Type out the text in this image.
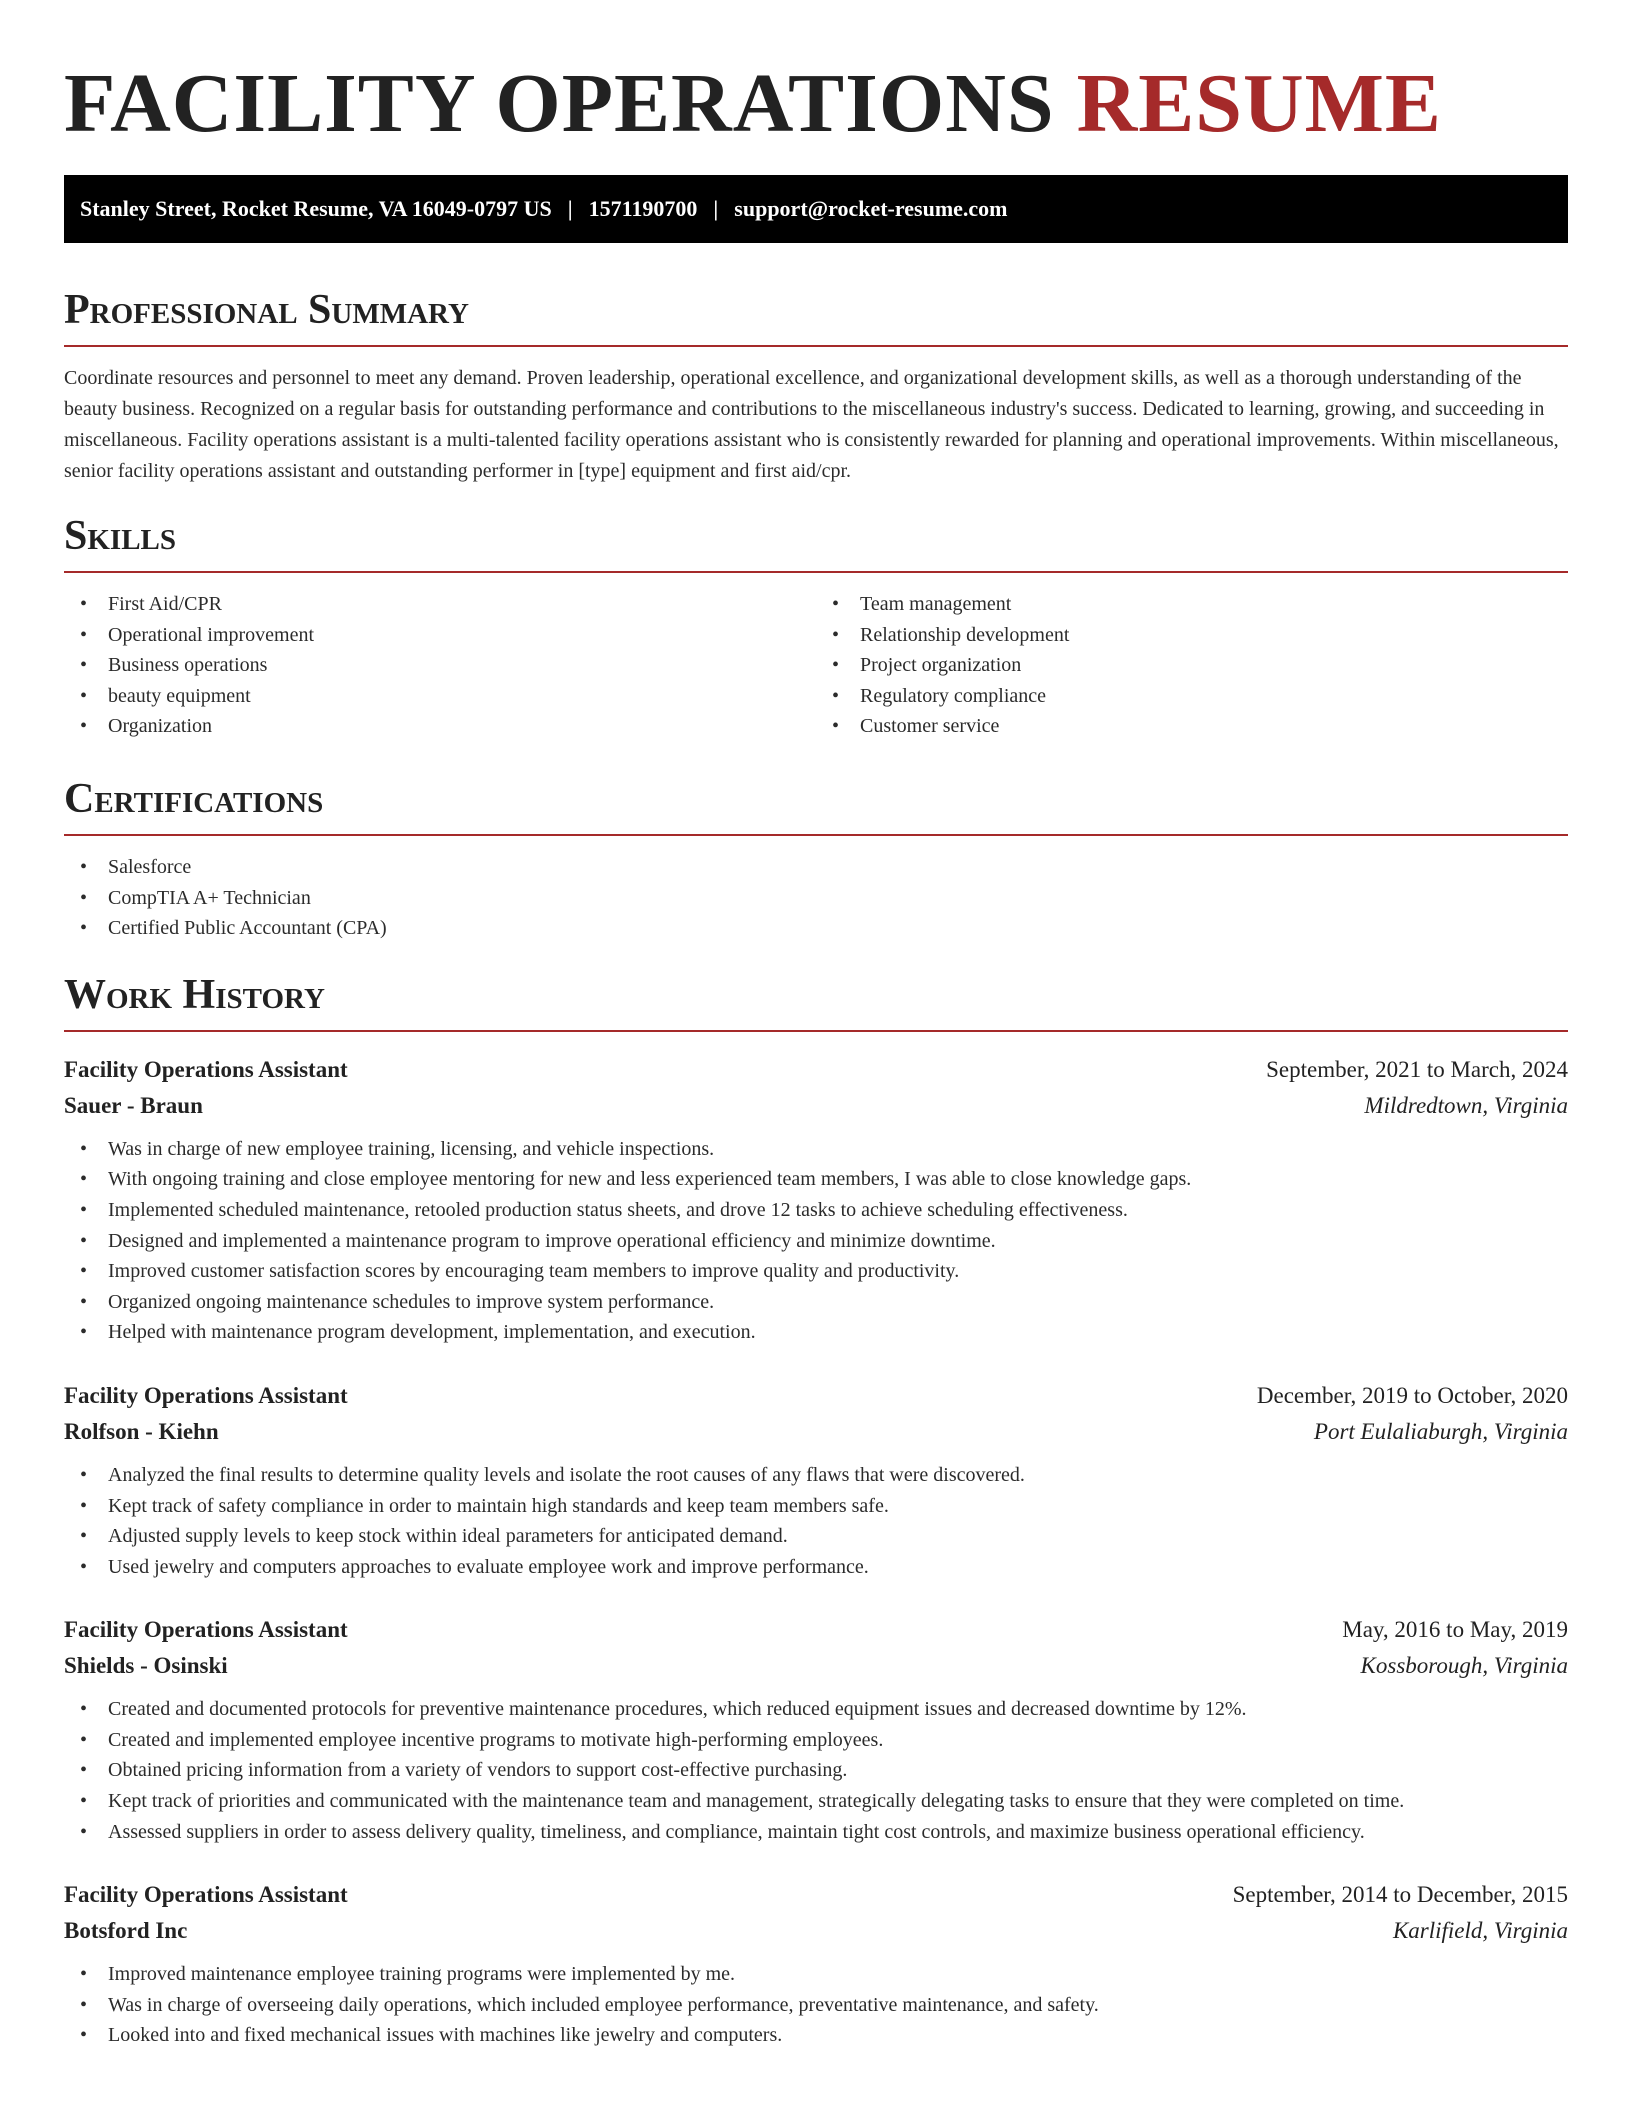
FACILITY OPERATIONS RESUME
Stanley Street, Rocket Resume, VA 16049-0797 US | 1571190700 | support@rocket-resume.com
Professional Summary

Coordinate resources and personnel to meet any demand. Proven leadership, operational excellence, and organizational development skills, as well as a thorough understanding of the beauty business. Recognized on a regular basis for outstanding performance and contributions to the miscellaneous industry's success. Dedicated to learning, growing, and succeeding in miscellaneous. Facility operations assistant is a multi-talented facility operations assistant who is consistently rewarded for planning and operational improvements. Within miscellaneous, senior facility operations assistant and outstanding performer in [type] equipment and first aid/cpr.

Skills
• First Aid/CPR
• Operational improvement
• Business operations
• beauty equipment
• Organization
• Team management
• Relationship development
• Project organization
• Regulatory compliance
• Customer service
Certifications
• Salesforce
• CompTIA A+ Technician
• Certified Public Accountant (CPA)
Work History
Facility Operations Assistant	September, 2021 to March, 2024
Sauer - Braun	Mildredtown, Virginia
• Was in charge of new employee training, licensing, and vehicle inspections.
• With ongoing training and close employee mentoring for new and less experienced team members, I was able to close knowledge gaps.
• Implemented scheduled maintenance, retooled production status sheets, and drove 12 tasks to achieve scheduling effectiveness.
• Designed and implemented a maintenance program to improve operational efficiency and minimize downtime.
• Improved customer satisfaction scores by encouraging team members to improve quality and productivity.
• Organized ongoing maintenance schedules to improve system performance.
• Helped with maintenance program development, implementation, and execution.
Facility Operations Assistant	December, 2019 to October, 2020
Rolfson - Kiehn	Port Eulaliaburgh, Virginia
• Analyzed the final results to determine quality levels and isolate the root causes of any flaws that were discovered.
• Kept track of safety compliance in order to maintain high standards and keep team members safe.
• Adjusted supply levels to keep stock within ideal parameters for anticipated demand.
• Used jewelry and computers approaches to evaluate employee work and improve performance.
Facility Operations Assistant	May, 2016 to May, 2019
Shields - Osinski	Kossborough, Virginia
• Created and documented protocols for preventive maintenance procedures, which reduced equipment issues and decreased downtime by 12%.
• Created and implemented employee incentive programs to motivate high-performing employees.
• Obtained pricing information from a variety of vendors to support cost-effective purchasing.
• Kept track of priorities and communicated with the maintenance team and management, strategically delegating tasks to ensure that they were completed on time.
• Assessed suppliers in order to assess delivery quality, timeliness, and compliance, maintain tight cost controls, and maximize business operational efficiency.
Facility Operations Assistant	September, 2014 to December, 2015
Botsford Inc	Karlifield, Virginia
• Improved maintenance employee training programs were implemented by me.
• Was in charge of overseeing daily operations, which included employee performance, preventative maintenance, and safety.
• Looked into and fixed mechanical issues with machines like jewelry and computers.
